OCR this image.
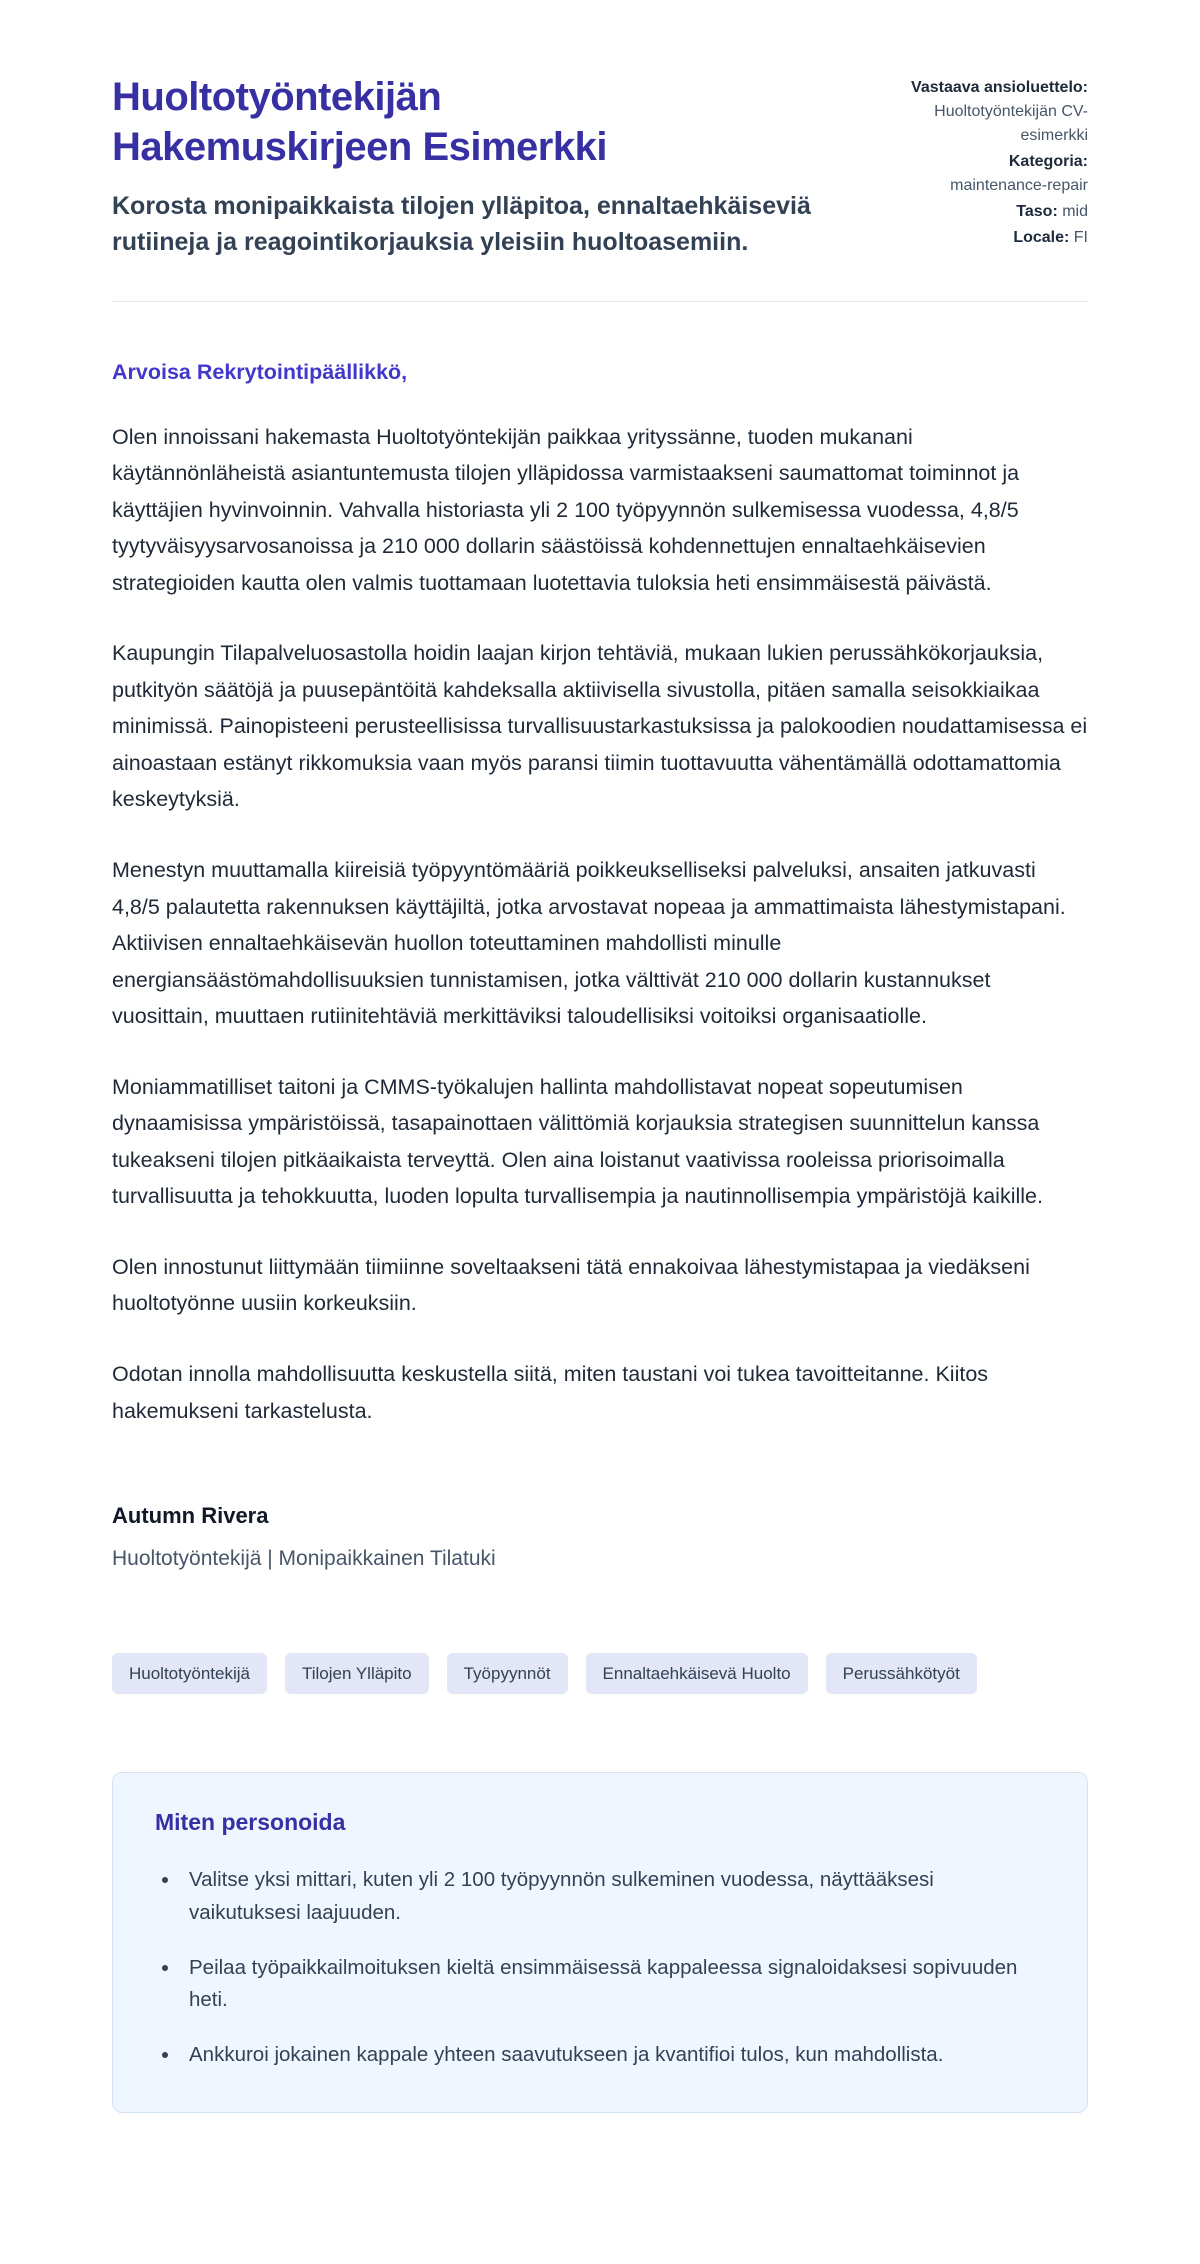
Huoltotyöntekijän Hakemuskirjeen Esimerkki

Korosta monipaikkaista tilojen ylläpitoa, ennaltaehkäiseviä rutiineja ja reagointikorjauksia yleisiin huoltoasemiin.

Vastaava ansioluettelo: Huoltotyöntekijän CV-esimerkki
Kategoria: maintenance-repair
Taso: mid
Locale: FI

Arvoisa Rekrytointipäällikkö,

Olen innoissani hakemasta Huoltotyöntekijän paikkaa yrityssänne, tuoden mukanani käytännönläheistä asiantuntemusta tilojen ylläpidossa varmistaakseni saumattomat toiminnot ja käyttäjien hyvinvoinnin. Vahvalla historiasta yli 2 100 työpyynnön sulkemisessa vuodessa, 4,8/5 tyytyväisyysarvosanoissa ja 210 000 dollarin säästöissä kohdennettujen ennaltaehkäisevien strategioiden kautta olen valmis tuottamaan luotettavia tuloksia heti ensimmäisestä päivästä.

Kaupungin Tilapalveluosastolla hoidin laajan kirjon tehtäviä, mukaan lukien perussähkökorjauksia, putkityön säätöjä ja puusepäntöitä kahdeksalla aktiivisella sivustolla, pitäen samalla seisokkiaikaa minimissä. Painopisteeni perusteellisissa turvallisuustarkastuksissa ja palokoodien noudattamisessa ei ainoastaan estänyt rikkomuksia vaan myös paransi tiimin tuottavuutta vähentämällä odottamattomia keskeytyksiä.

Menestyn muuttamalla kiireisiä työpyyntömääriä poikkeukselliseksi palveluksi, ansaiten jatkuvasti 4,8/5 palautetta rakennuksen käyttäjiltä, jotka arvostavat nopeaa ja ammattimaista lähestymistapani. Aktiivisen ennaltaehkäisevän huollon toteuttaminen mahdollisti minulle energiansäästömahdollisuuksien tunnistamisen, jotka välttivät 210 000 dollarin kustannukset vuosittain, muuttaen rutiinitehtäviä merkittäviksi taloudellisiksi voitoiksi organisaatiolle.

Moniammatilliset taitoni ja CMMS-työkalujen hallinta mahdollistavat nopeat sopeutumisen dynaamisissa ympäristöissä, tasapainottaen välittömiä korjauksia strategisen suunnittelun kanssa tukeakseni tilojen pitkäaikaista terveyttä. Olen aina loistanut vaativissa rooleissa priorisoimalla turvallisuutta ja tehokkuutta, luoden lopulta turvallisempia ja nautinnollisempia ympäristöjä kaikille.

Olen innostunut liittymään tiimiinne soveltaakseni tätä ennakoivaa lähestymistapaa ja viedäkseni huoltotyönne uusiin korkeuksiin.

Odotan innolla mahdollisuutta keskustella siitä, miten taustani voi tukea tavoitteitanne. Kiitos hakemukseni tarkastelusta.

Autumn Rivera

Huoltotyöntekijä | Monipaikkainen Tilatuki

Huoltotyöntekijä	Tilojen Ylläpito	Työpyynnöt	Ennaltaehkäisevä Huolto	Perussähkötyöt
Miten personoida
• Valitse yksi mittari, kuten yli 2 100 työpyynnön sulkeminen vuodessa, näyttääksesi vaikutuksesi laajuuden.
• Peilaa työpaikkailmoituksen kieltä ensimmäisessä kappaleessa signaloidaksesi sopivuuden heti.
• Ankkuroi jokainen kappale yhteen saavutukseen ja kvantifioi tulos, kun mahdollista.
